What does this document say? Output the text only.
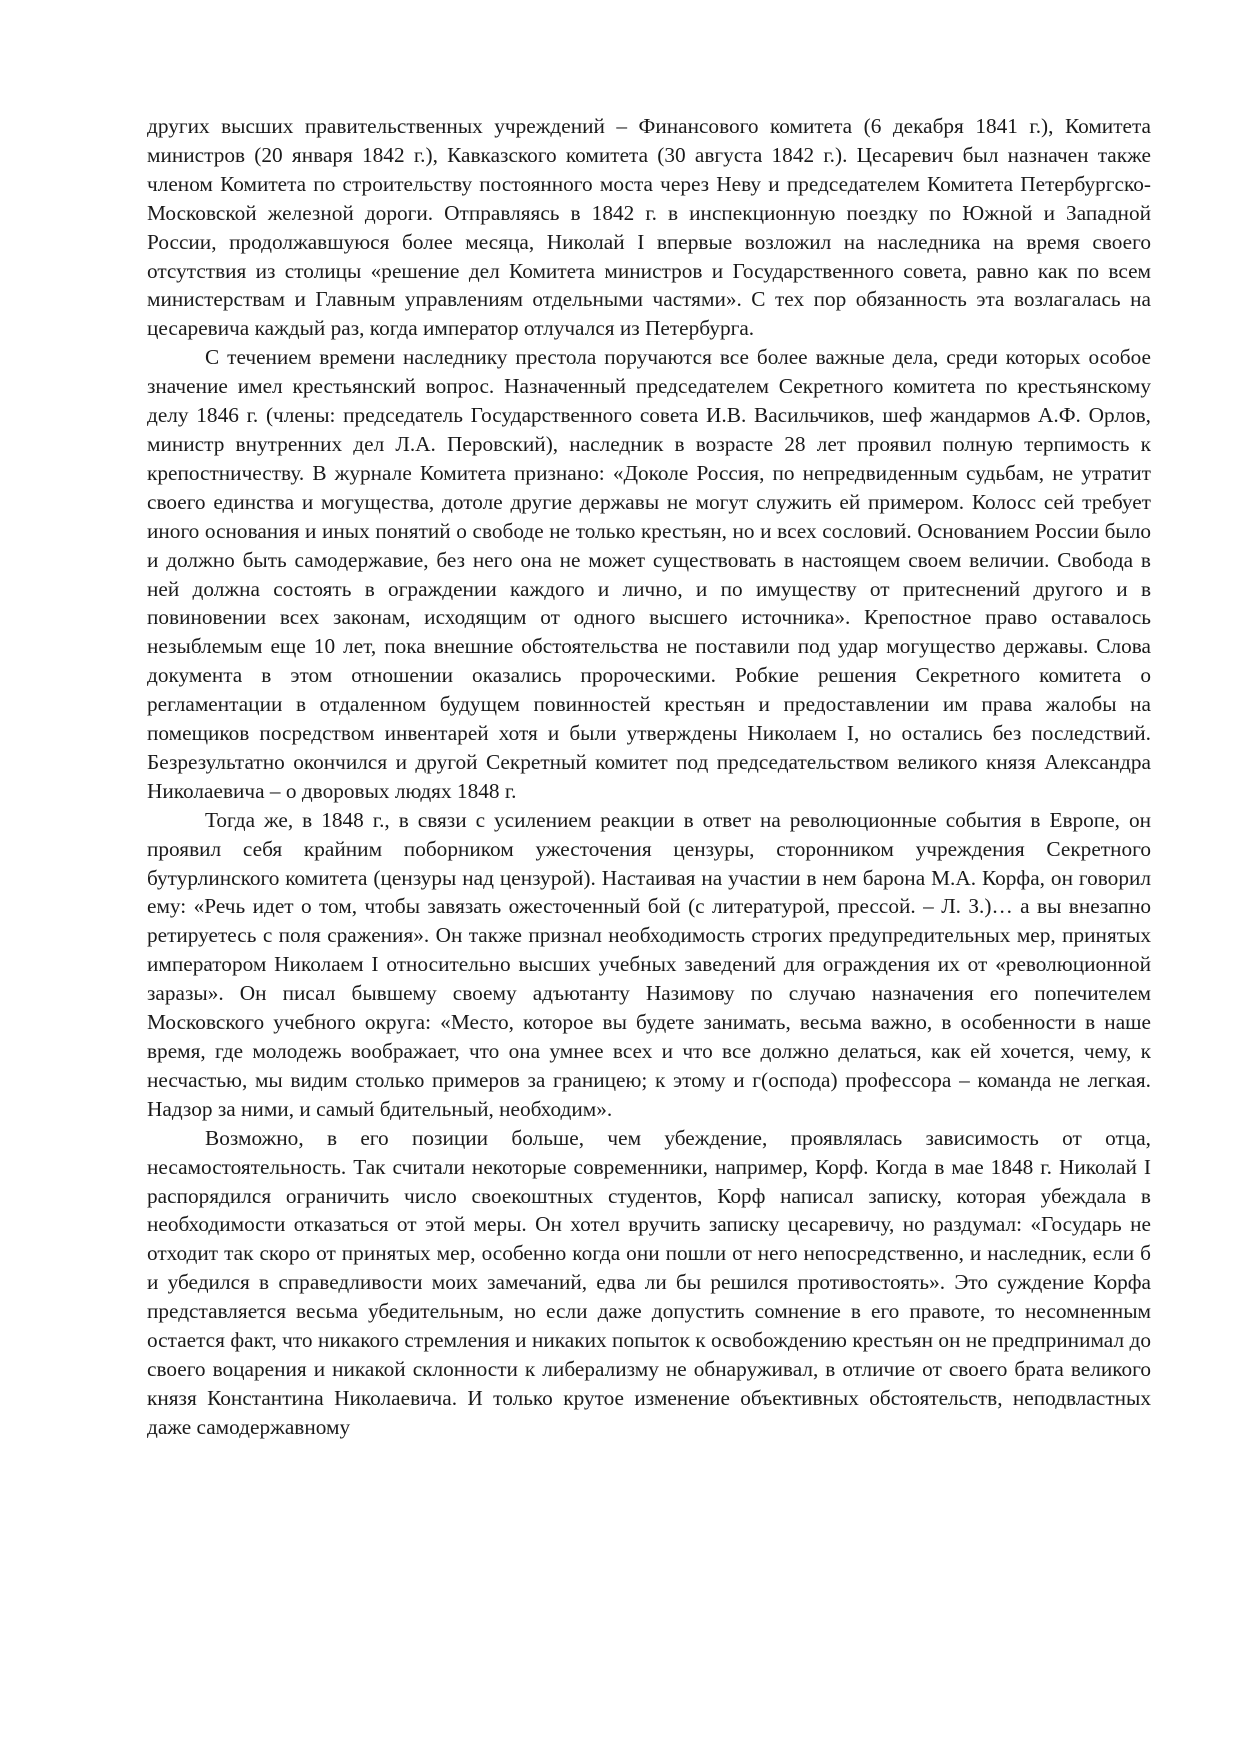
других высших правительственных учреждений – Финансового комитета (6 декабря 1841 г.), Комитета министров (20 января 1842 г.), Кавказского комитета (30 августа 1842 г.). Цесаревич был назначен также членом Комитета по строительству постоянного моста через Неву и председателем Комитета Петербургско-Московской железной дороги. Отправляясь в 1842 г. в инспекционную поездку по Южной и Западной России, продолжавшуюся более месяца, Николай I впервые возложил на наследника на время своего отсутствия из столицы «решение дел Комитета министров и Государственного совета, равно как по всем министерствам и Главным управлениям отдельными частями». С тех пор обязанность эта возлагалась на цесаревича каждый раз, когда император отлучался из Петербурга.

С течением времени наследнику престола поручаются все более важные дела, среди которых особое значение имел крестьянский вопрос. Назначенный председателем Секретного комитета по крестьянскому делу 1846 г. (члены: председатель Государственного совета И.В. Васильчиков, шеф жандармов А.Ф. Орлов, министр внутренних дел Л.А. Перовский), наследник в возрасте 28 лет проявил полную терпимость к крепостничеству. В журнале Комитета признано: «Доколе Россия, по непредвиденным судьбам, не утратит своего единства и могущества, дотоле другие державы не могут служить ей примером. Колосс сей требует иного основания и иных понятий о свободе не только крестьян, но и всех сословий. Основанием России было и должно быть самодержавие, без него она не может существовать в настоящем своем величии. Свобода в ней должна состоять в ограждении каждого и лично, и по имуществу от притеснений другого и в повиновении всех законам, исходящим от одного высшего источника». Крепостное право оставалось незыблемым еще 10 лет, пока внешние обстоятельства не поставили под удар могущество державы. Слова документа в этом отношении оказались пророческими. Робкие решения Секретного комитета о регламентации в отдаленном будущем повинностей крестьян и предоставлении им права жалобы на помещиков посредством инвентарей хотя и были утверждены Николаем I, но остались без последствий. Безрезультатно окончился и другой Секретный комитет под председательством великого князя Александра Николаевича – о дворовых людях 1848 г.

Тогда же, в 1848 г., в связи с усилением реакции в ответ на революционные события в Европе, он проявил себя крайним поборником ужесточения цензуры, сторонником учреждения Секретного бутурлинского комитета (цензуры над цензурой). Настаивая на участии в нем барона М.А. Корфа, он говорил ему: «Речь идет о том, чтобы завязать ожесточенный бой (с литературой, прессой. – Л. З.)… а вы внезапно ретируетесь с поля сражения». Он также признал необходимость строгих предупредительных мер, принятых императором Николаем I относительно высших учебных заведений для ограждения их от «революционной заразы». Он писал бывшему своему адъютанту Назимову по случаю назначения его попечителем Московского учебного округа: «Место, которое вы будете занимать, весьма важно, в особенности в наше время, где молодежь воображает, что она умнее всех и что все должно делаться, как ей хочется, чему, к несчастью, мы видим столько примеров за границею; к этому и г(оспода) профессора – команда не легкая. Надзор за ними, и самый бдительный, необходим».

Возможно, в его позиции больше, чем убеждение, проявлялась зависимость от отца, несамостоятельность. Так считали некоторые современники, например, Корф. Когда в мае 1848 г. Николай I распорядился ограничить число своекоштных студентов, Корф написал записку, которая убеждала в необходимости отказаться от этой меры. Он хотел вручить записку цесаревичу, но раздумал: «Государь не отходит так скоро от принятых мер, особенно когда они пошли от него непосредственно, и наследник, если б и убедился в справедливости моих замечаний, едва ли бы решился противостоять». Это суждение Корфа представляется весьма убедительным, но если даже допустить сомнение в его правоте, то несомненным остается факт, что никакого стремления и никаких попыток к освобождению крестьян он не предпринимал до своего воцарения и никакой склонности к либерализму не обнаруживал, в отличие от своего брата великого князя Константина Николаевича. И только крутое изменение объективных обстоятельств, неподвластных даже самодержавному
